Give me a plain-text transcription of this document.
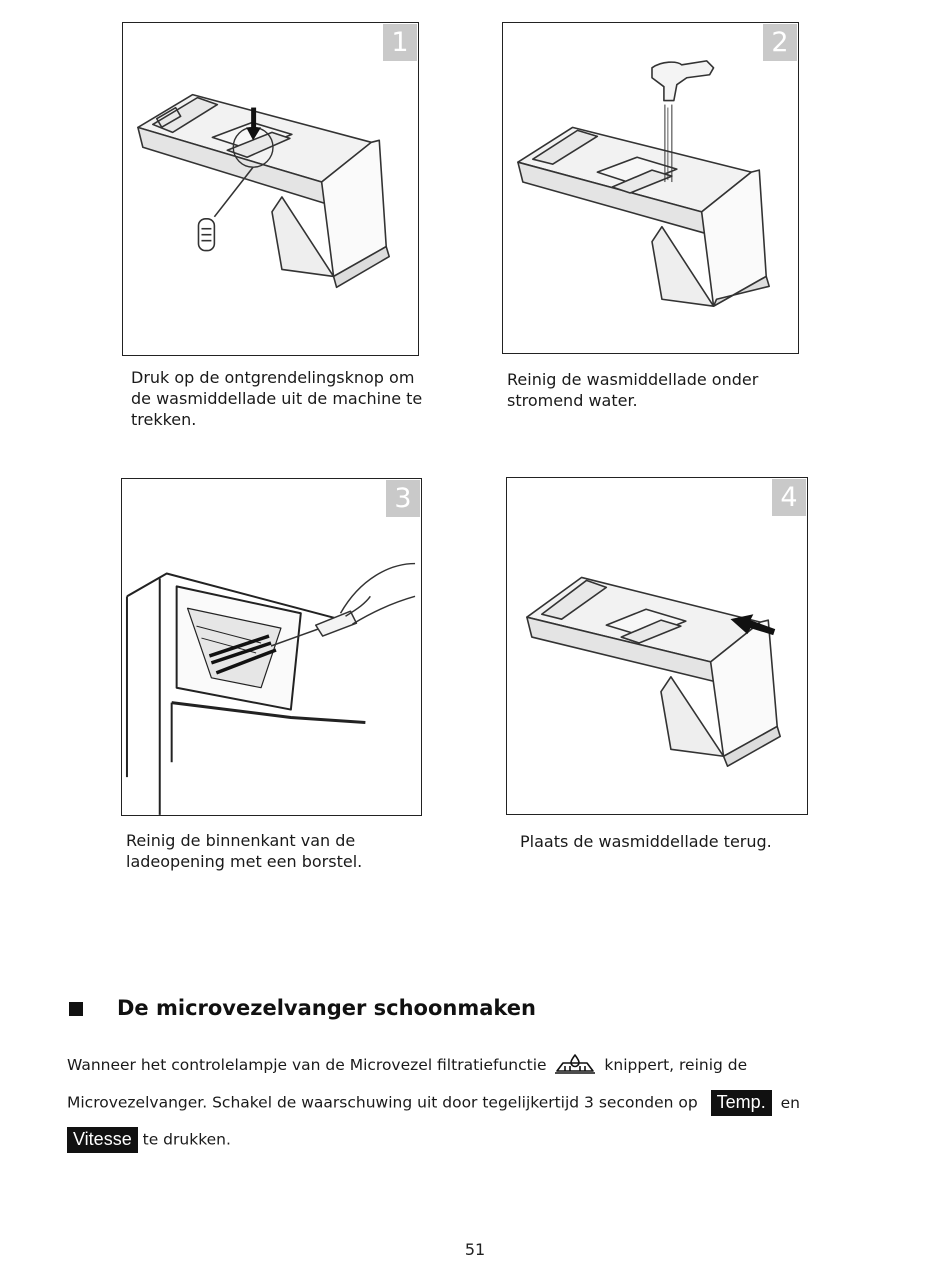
1
Druk op de ontgrendelingsknop om
de wasmiddellade uit de machine te
trekken.
2
Reinig de wasmiddellade onder
stromend water.
3
Reinig de binnenkant van de
ladeopening met een borstel.
4
Plaats de wasmiddellade terug.
De microvezelvanger schoonmaken
Wanneer het controlelampje van de Microvezel filtratiefunctie	knippert, reinig de
Microvezelvanger. Schakel de waarschuwing uit door tegelijkertijd 3 seconden op Temp. en
Vitesse te drukken.
51
